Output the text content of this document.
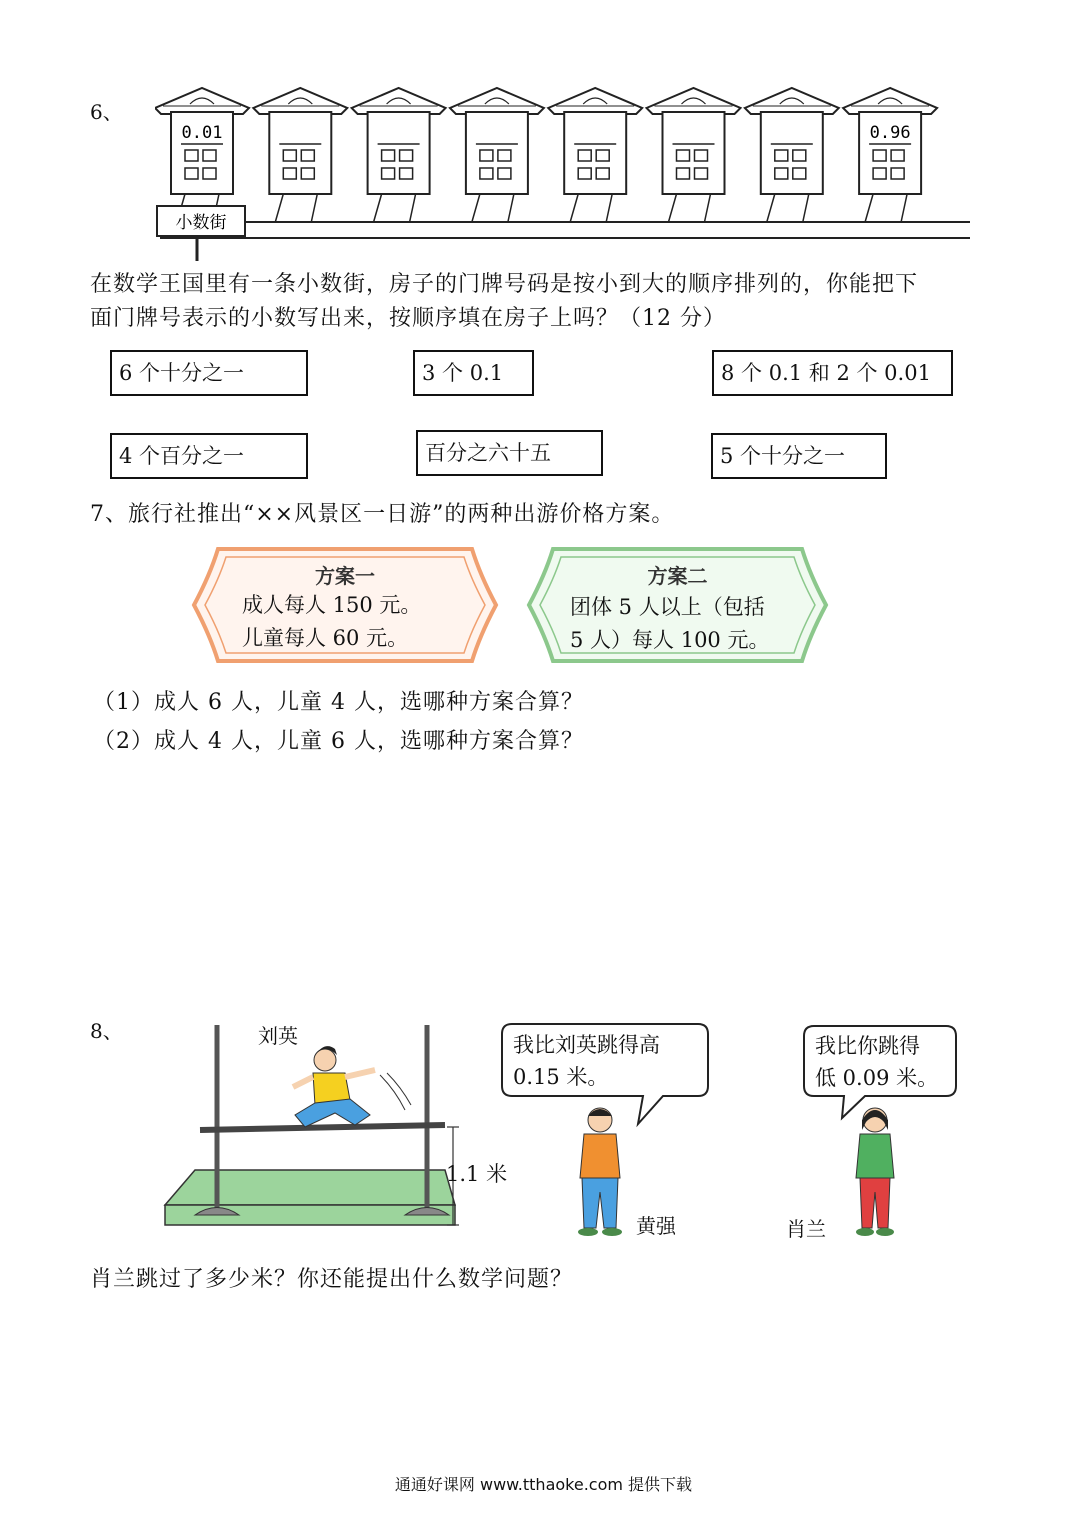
6、
0.01	0.96
小数街
在数学王国里有一条小数街，房子的门牌号码是按小到大的顺序排列的，你能把下
面门牌号表示的小数写出来，按顺序填在房子上吗？（12 分）
6 个十分之一	3 个 0.1	8 个 0.1 和 2 个 0.01
4 个百分之一	百分之六十五	5 个十分之一
7、旅行社推出“××风景区一日游”的两种出游价格方案。
方案一
成人每人 150 元。
儿童每人 60 元。
方案二
团体 5 人以上（包括
5 人）每人 100 元。
（1）成人 6 人，儿童 4 人，选哪种方案合算？
（2）成人 4 人，儿童 6 人，选哪种方案合算？
8、	刘英
1.1 米
我比刘英跳得高
0.15 米。
黄强
我比你跳得
低 0.09 米。
肖兰
肖兰跳过了多少米？你还能提出什么数学问题？
通通好课网 www.tthaoke.com 提供下载
